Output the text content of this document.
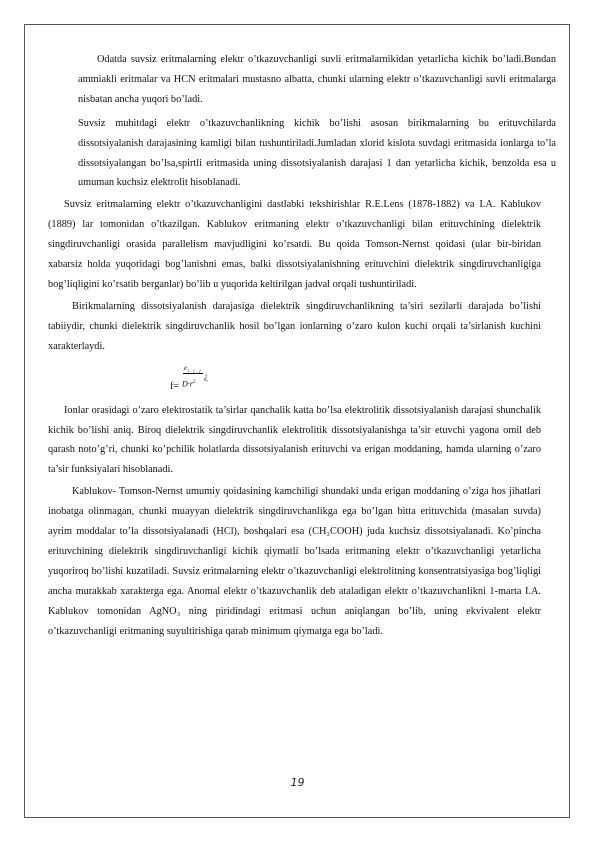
Odatda suvsiz eritmalarning elektr o’tkazuvchanligi suvli eritmalarnikidan yetarlicha kichik bo’ladi.Bundan ammiakli eritmalar va HCN eritmalari mustasno albatta, chunki ularning elektr o’tkazuvchanligi suvli eritmalarga nisbatan ancha yuqori bo’ladi.

Suvsiz muhitdagi elektr o’tkazuvchanlikning kichik bo’lishi asosan birikmalarning bu erituvchilarda dissotsiyalanish darajasining kamligi bilan tushuntiriladi.Jumladan xlorid kislota suvdagi eritmasida ionlarga to’la dissotsiyalangan bo’lsa,spirtli eritmasida uning dissotsiyalanish darajasi 1 dan yetarlicha kichik, benzolda esa u umuman kuchsiz elektrolit hisoblanadi.

Suvsiz eritmalarning elektr o’tkazuvchanligini dastlabki tekshirishlar R.E.Lens (1878-1882) va I.A. Kablukov (1889) lar tomonidan o’tkazilgan. Kablukov eritmaning elektr o’tkazuvchanligi bilan erituvchining dielektrik singdiruvchanligi orasida parallelism mavjudligini ko’rsatdi. Bu qoida Tomson-Nernst qoidasi (ular bir-biridan xabarsiz holda yuqoridagi bog’lanishni emas, balki dissotsiyalanishning erituvchini dielektrik singdiruvchanligiga bog’liqligini ko’rsatib berganlar) bo’lib u yuqorida keltirilgan jadval orqali tushuntiriladi.

Birikmalarning dissotsiyalanish darajasiga dielektrik singdiruvchanlikning ta’siri sezilarli darajada bo’lishi tabiiydir, chunki dielektrik singdiruvchanlik hosil bo’lgan ionlarning o’zaro kulon kuchi orqali ta’sirlanish kuchini xarakterlaydi.

f=
$e_{1 \cdot 1 \cdot 2}$
$D\cdot r^2$
¿

Ionlar orasidagi o’zaro elektrostatik ta’sirlar qanchalik katta bo’lsa elektrolitik dissotsiyalanish darajasi shunchalik kichik bo’lishi aniq. Biroq dielektrik singdiruvchanlik elektrolitik dissotsiyalanishga ta’sir etuvchi yagona omil deb qarash noto’g’ri, chunki ko’pchilik holatlarda dissotsiyalanish erituvchi va erigan moddaning, hamda ularning o’zaro ta’sir funksiyalari hisoblanadi.

Kablukov- Tomson-Nernst umumiy qoidasining kamchiligi shundaki unda erigan moddaning o’ziga hos jihatlari inobatga olinmagan, chunki muayyan dielektrik singdiruvchanlikga ega bo’lgan bitta erituvchida (masalan suvda) ayrim moddalar to’la dissotsiyalanadi (HCl), boshqalari esa (CH₃COOH) juda kuchsiz dissotsiyalanadi. Ko’pincha erituvchining dielektrik singdiruvchanligi kichik qiymatli bo’lsada eritmaning elektr o’tkazuvchanligi yetarlicha yuqoriroq bo’lishi kuzatiladi. Suvsiz eritmalarning elektr o’tkazuvchanligi elektrolitning konsentratsiyasiga bog’liqligi ancha murakkab xarakterga ega. Anomal elektr o’tkazuvchanlik deb ataladigan elektr o’tkazuvchanlikni 1-marta I.A. Kablukov tomonidan AgNO₃ ning piridindagi eritmasi uchun aniqlangan bo’lib, uning ekvivalent elektr o’tkazuvchanligi eritmaning suyultirishiga qarab minimum qiymatga ega bo’ladi.

19
